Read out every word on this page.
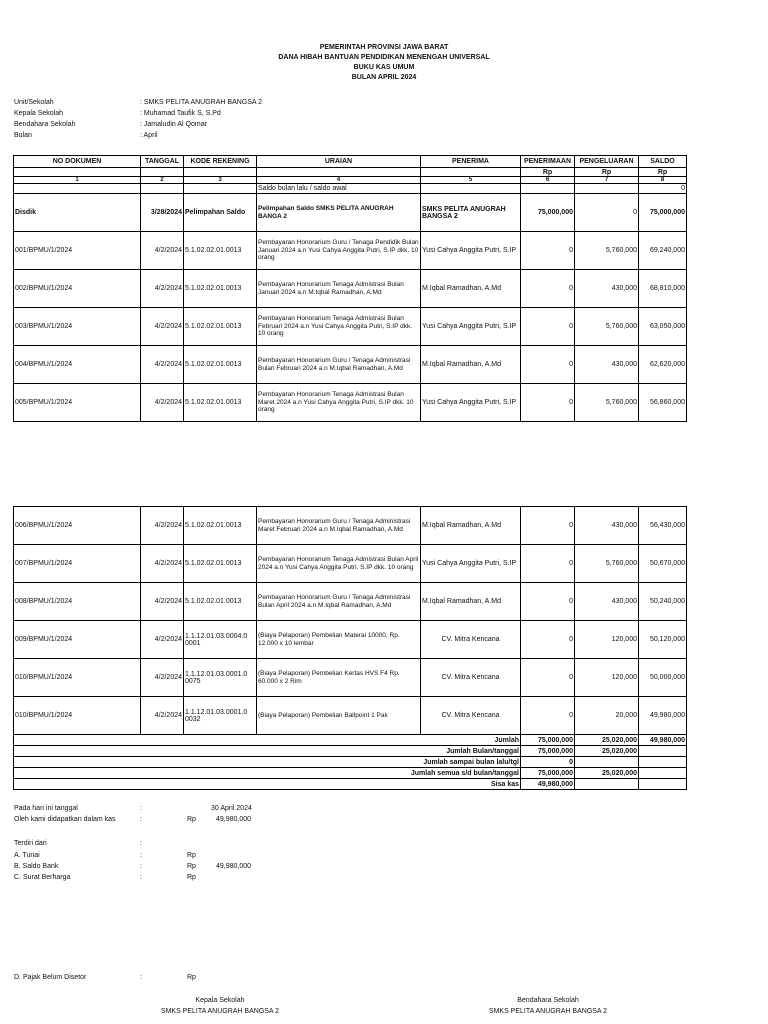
PEMERINTAH PROVINSI JAWA BARAT
DANA HIBAH BANTUAN PENDIDIKAN MENENGAH UNIVERSAL
BUKU KAS UMUM
BULAN APRIL 2024
Unit/Sekolah	: SMKS PELITA ANUGRAH BANGSA 2
Kepala Sekolah	: Muhamad Taufik S, S.Pd
Bendahara Sekolah	: Jamaludin Al Qomar
Bulan	: April
NO DOKUMEN	TANGGAL	KODE REKENING	URAIAN	PENERIMA	PENERIMAAN	PENGELUARAN	SALDO
					Rp	Rp	Rp
1	2	3	4	5	6	7	8
			Saldo bulan lalu / saldo awal				0
Disdik	3/28/2024	Pelimpahan Saldo	Pelimpahan Saldo SMKS PELITA ANUGRAH BANGA 2	SMKS PELITA ANUGRAH BANGSA 2	75,000,000	0	75,000,000
001/BPMU/1/2024	4/2/2024	5.1.02.02.01.0013	Pembayaran Honorarium Guru / Tenaga Pendidik Bulan Januari 2024 a.n Yusi Cahya Anggita Putri, S.IP dkk. 10 orang	Yusi Cahya Anggita Putri, S.IP	0	5,760,000	69,240,000
002/BPMU/1/2024	4/2/2024	5.1.02.02.01.0013	Pembayaran Honorarium Tenaga Admistrasi Bulan Januari 2024 a.n M.Iqbal Ramadhan, A.Md	M.Iqbal Ramadhan, A.Md	0	430,000	68,810,000
003/BPMU/1/2024	4/2/2024	5.1.02.02.01.0013	Pembayaran Honorarium Tenaga Admistrasi Bulan Februari 2024 a.n Yusi Cahya Anggita Putri, S.IP dkk. 10 orang	Yusi Cahya Anggita Putri, S.IP	0	5,760,000	63,050,000
004/BPMU/1/2024	4/2/2024	5.1.02.02.01.0013	Pembayaran Honorarium Guru / Tenaga Administrasi Bulan Februari 2024 a.n M.Iqbal Ramadhan, A.Md	M.Iqbal Ramadhan, A.Md	0	430,000	62,620,000
005/BPMU/1/2024	4/2/2024	5.1.02.02.01.0013	Pembayaran Honorarium Tenaga Admistrasi Bulan Maret 2024 a.n Yusi Cahya Anggita Putri, S.IP dkk. 10 orang	Yusi Cahya Anggita Putri, S.IP	0	5,760,000	56,860,000
006/BPMU/1/2024	4/2/2024	5.1.02.02.01.0013	Pembayaran Honorarium Guru / Tenaga Administrasi Maret Februari 2024 a.n M.Iqbal Ramadhan, A.Md	M.Iqbal Ramadhan, A.Md	0	430,000	56,430,000
007/BPMU/1/2024	4/2/2024	5.1.02.02.01.0013	Pembayaran Honorarium Tenaga Admistrasi Bulan April 2024 a.n Yusi Cahya Anggita Putri, S.IP dkk. 10 orang	Yusi Cahya Anggita Putri, S.IP	0	5,760,000	50,670,000
008/BPMU/1/2024	4/2/2024	5.1.02.02.01.0013	Pembayaran Honorarium Guru / Tenaga Administrasi Bulan April 2024 a.n M.Iqbal Ramadhan, A.Md	M.Iqbal Ramadhan, A.Md	0	430,000	50,240,000
009/BPMU/1/2024	4/2/2024	1.1.12.01.03.0004.0 0001	(Biaya Pelaporan) Pembelian Materai 10000, Rp. 12.000 x 10 lembar	CV. Mitra Kencana	0	120,000	50,120,000
010/BPMU/1/2024	4/2/2024	1.1.12.01.03.0001.0 0075	(Biaya Pelaporan) Pembelian Kertas HVS F4 Rp. 60.000 x 2 Rim	CV. Mitra Kencana	0	120,000	50,000,000
010/BPMU/1/2024	4/2/2024	1.1.12.01.03.0001.0 0032	(Biaya Pelaporan) Pembelian Ballpoint 1 Pak	CV. Mitra Kencana	0	20,000	49,980,000
Jumlah					75,000,000	25,020,000	49,980,000
Jumlah Bulan/tanggal					75,000,000	25,020,000	
Jumlah sampai bulan lalu/tgl					0		
Jumlah semua s/d bulan/tanggal					75,000,000	25,020,000	
Sisa kas					49,980,000		
Pada hari ini tanggal	:	30 April 2024
Oleh kami didapatkan dalam kas	:	Rp	49,980,000
Terdiri dari	:
A. Tunai	:	Rp
B. Saldo Bank	:	Rp	49,980,000
C. Surat Berharga	:	Rp
D. Pajak Belum Disetor	:	Rp
Kepala Sekolah
SMKS PELITA ANUGRAH BANGSA 2
Bendahara Sekolah
SMKS PELITA ANUGRAH BANGSA 2
